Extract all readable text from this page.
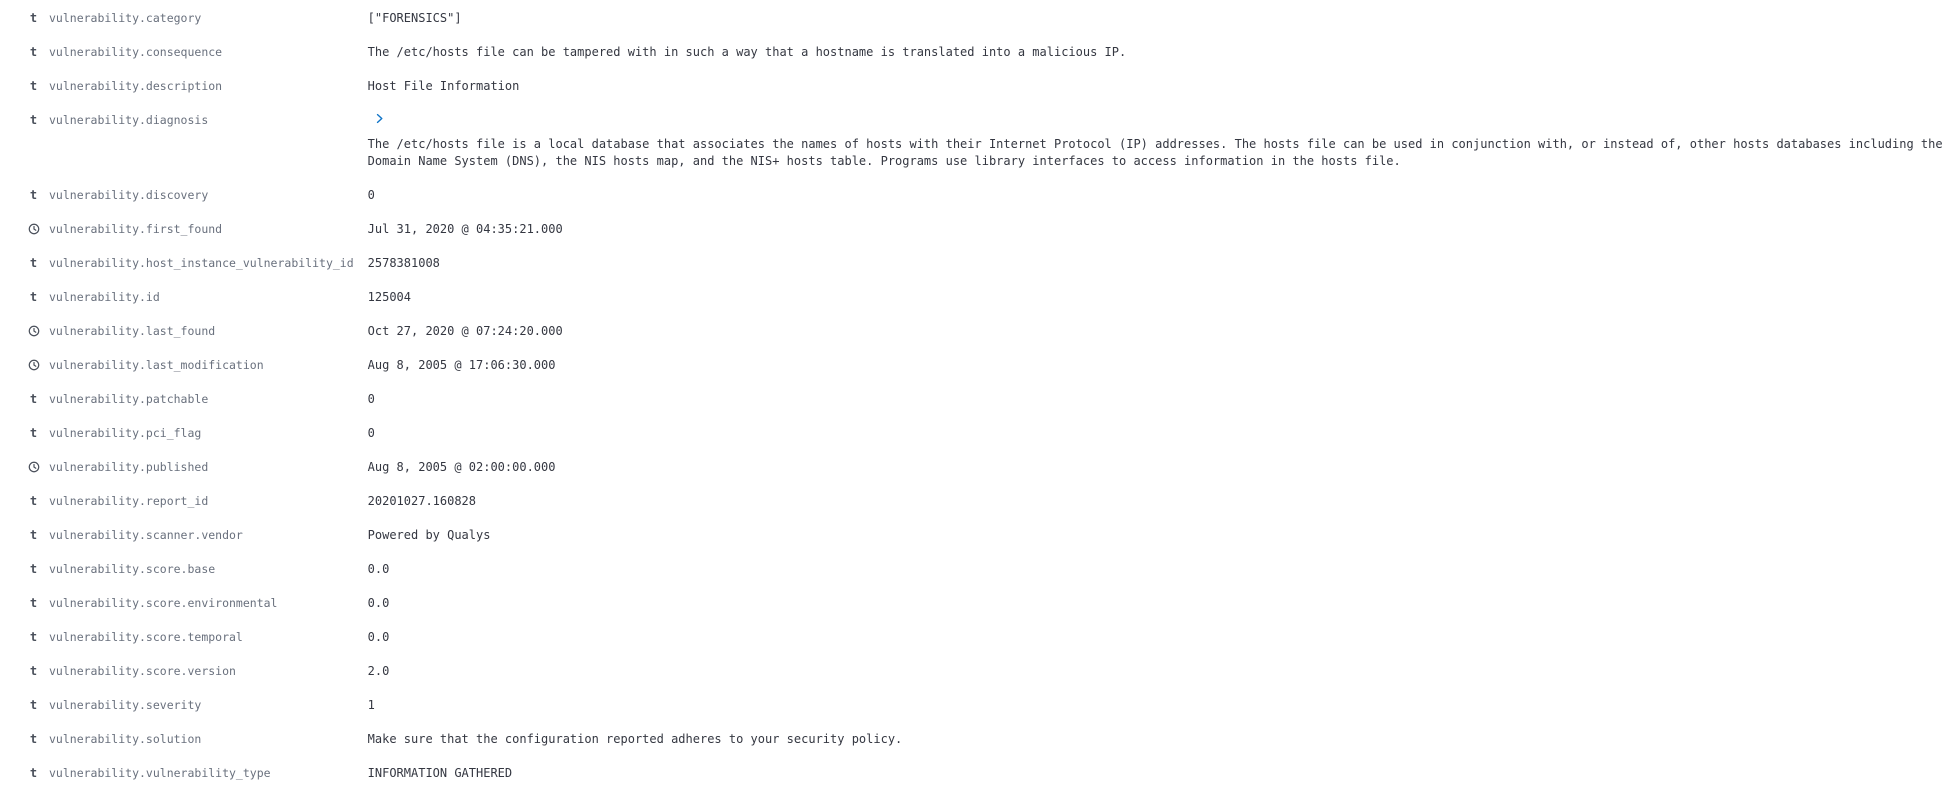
t vulnerability.category	["FORENSICS"]
t vulnerability.consequence	The /etc/hosts file can be tampered with in such a way that a hostname is translated into a malicious IP.
t vulnerability.description	Host File Information
t vulnerability.diagnosis
The /etc/hosts file is a local database that associates the names of hosts with their Internet Protocol (IP) addresses. The hosts file can be used in conjunction with, or instead of, other hosts databases including the Domain Name System (DNS), the NIS hosts map, and the NIS+ hosts table. Programs use library interfaces to access information in the hosts file.
t vulnerability.discovery	0
vulnerability.first_found	Jul 31, 2020 @ 04:35:21.000
t vulnerability.host_instance_vulnerability_id 2578381008
t vulnerability.id	125004
vulnerability.last_found	Oct 27, 2020 @ 07:24:20.000
vulnerability.last_modification	Aug 8, 2005 @ 17:06:30.000
t vulnerability.patchable	0
t vulnerability.pci_flag	0
vulnerability.published	Aug 8, 2005 @ 02:00:00.000
t vulnerability.report_id	20201027.160828
t vulnerability.scanner.vendor	Powered by Qualys
t vulnerability.score.base	0.0
t vulnerability.score.environmental	0.0
t vulnerability.score.temporal	0.0
t vulnerability.score.version	2.0
t vulnerability.severity	1
t vulnerability.solution	Make sure that the configuration reported adheres to your security policy.
t vulnerability.vulnerability_type	INFORMATION GATHERED
